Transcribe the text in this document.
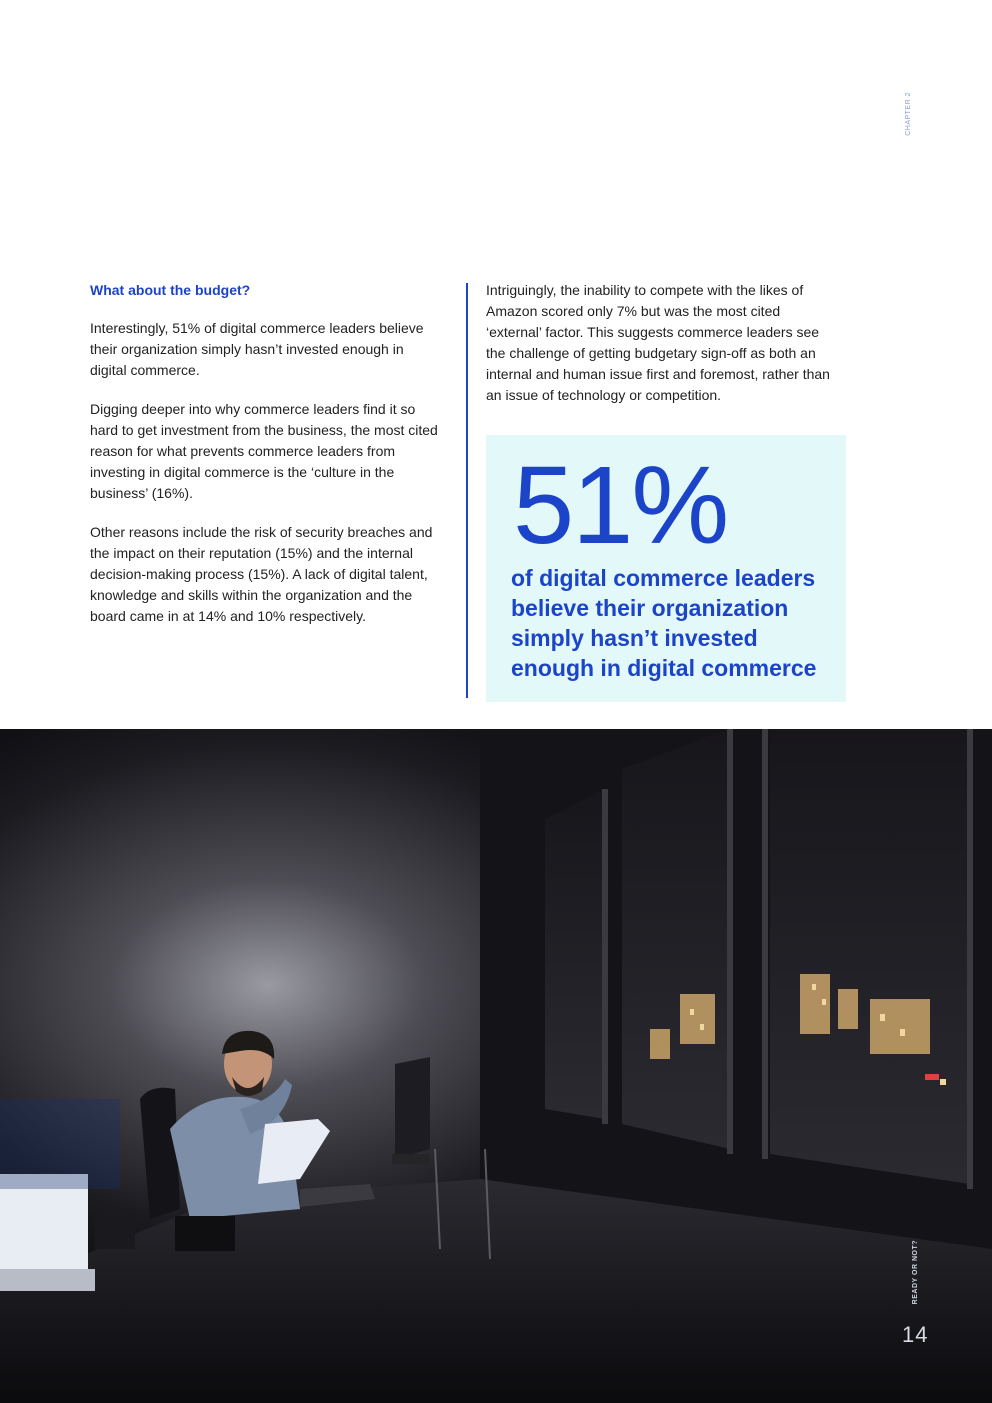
CHAPTER 2

What about the budget?

Interestingly, 51% of digital commerce leaders believe their organization simply hasn’t invested enough in digital commerce.

Digging deeper into why commerce leaders find it so hard to get investment from the business, the most cited reason for what prevents commerce leaders from investing in digital commerce is the ‘culture in the business’ (16%).

Other reasons include the risk of security breaches and the impact on their reputation (15%) and the internal decision-making process (15%). A lack of digital talent, knowledge and skills within the organization and the board came in at 14% and 10% respectively.

Intriguingly, the inability to compete with the likes of Amazon scored only 7% but was the most cited ‘external’ factor. This suggests commerce leaders see the challenge of getting budgetary sign-off as both an internal and human issue first and foremost, rather than an issue of technology or competition.

51%
of digital commerce leaders believe their organization simply hasn’t invested enough in digital commerce
READY OR NOT?
14
